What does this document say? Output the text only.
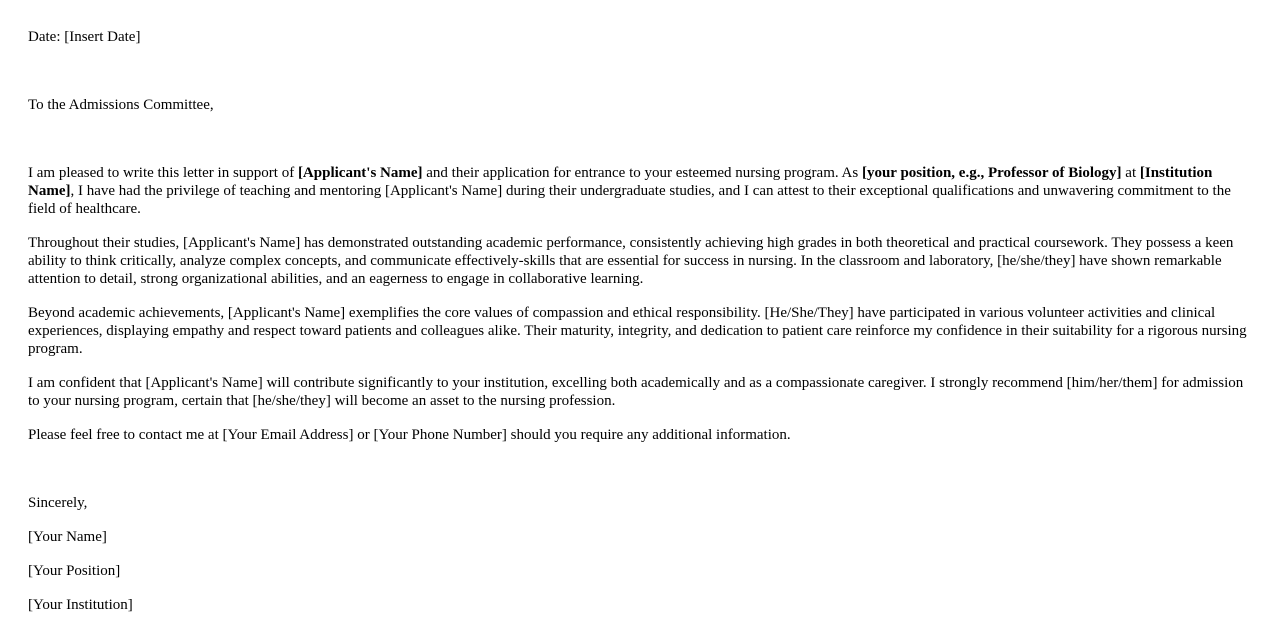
Date: [Insert Date]

To the Admissions Committee,

I am pleased to write this letter in support of [Applicant's Name] and their application for entrance to your esteemed nursing program. As [your position, e.g., Professor of Biology] at [Institution Name], I have had the privilege of teaching and mentoring [Applicant's Name] during their undergraduate studies, and I can attest to their exceptional qualifications and unwavering commitment to the field of healthcare.

Throughout their studies, [Applicant's Name] has demonstrated outstanding academic performance, consistently achieving high grades in both theoretical and practical coursework. They possess a keen ability to think critically, analyze complex concepts, and communicate effectively-skills that are essential for success in nursing. In the classroom and laboratory, [he/she/they] have shown remarkable attention to detail, strong organizational abilities, and an eagerness to engage in collaborative learning.

Beyond academic achievements, [Applicant's Name] exemplifies the core values of compassion and ethical responsibility. [He/She/They] have participated in various volunteer activities and clinical experiences, displaying empathy and respect toward patients and colleagues alike. Their maturity, integrity, and dedication to patient care reinforce my confidence in their suitability for a rigorous nursing program.

I am confident that [Applicant's Name] will contribute significantly to your institution, excelling both academically and as a compassionate caregiver. I strongly recommend [him/her/them] for admission to your nursing program, certain that [he/she/they] will become an asset to the nursing profession.

Please feel free to contact me at [Your Email Address] or [Your Phone Number] should you require any additional information.

Sincerely,

[Your Name]

[Your Position]

[Your Institution]
